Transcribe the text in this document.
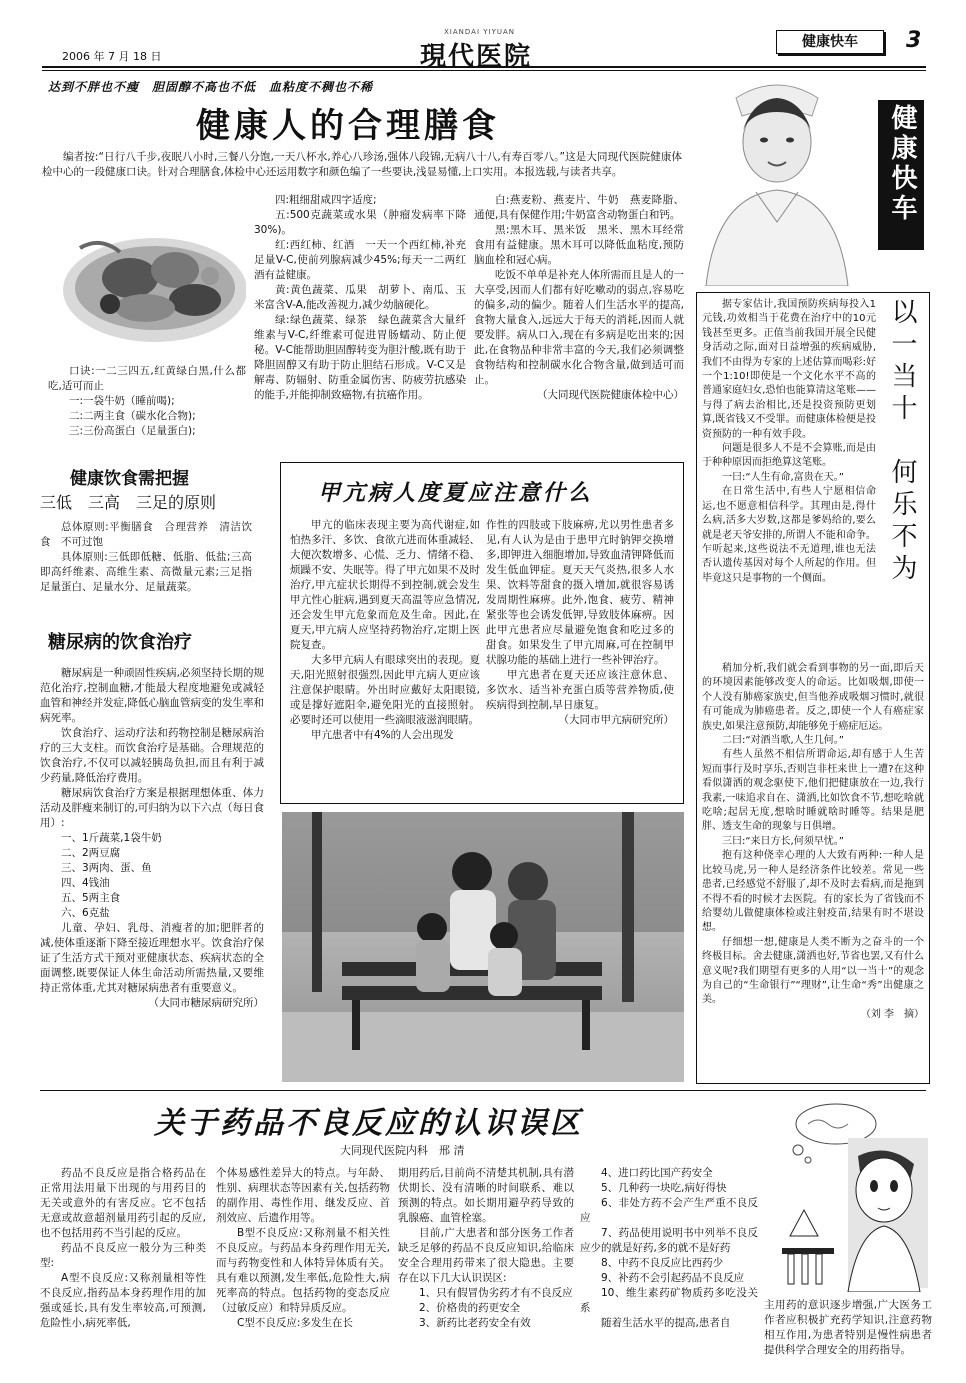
2006 年 7 月 18 日
XIANDAI YIYUAN
現代医院	健康快车	3
达到不胖也不瘦　胆固醇不高也不低　血粘度不稠也不稀
健康人的合理膳食

编者按:“日行八千步,夜眠八小时,三餐八分饱,一天八杯水,养心八珍汤,强体八段锦,无病八十八,有寿百零八。”这是大同现代医院健康体检中心的一段健康口诀。针对合理膳食,体检中心还运用数字和颜色编了一些要诀,浅显易懂,上口实用。本报选载,与读者共享。

口诀:一二三四五,红黄绿白黑,什么都吃,适可而止

一:一袋牛奶（睡前喝);

二:二两主食（碳水化合物);

三:三份高蛋白（足量蛋白);

四:粗细甜咸四字适度;

五:500克蔬菜或水果（肿瘤发病率下降30%)。

红:西红柿、红酒　一天一个西红柿,补充足量V-C,使前列腺病减少45%;每天一二两红酒有益健康。

黄:黄色蔬菜、瓜果　胡萝卜、南瓜、玉米富含V-A,能改善视力,减少幼脑硬化。

绿:绿色蔬菜、绿茶　绿色蔬菜含大量纤维素与V-C,纤维素可促进胃肠蠕动、防止便秘。V-C能帮助胆固醇转变为胆汁酸,既有助于降胆固醇又有助于防止胆结石形成。V-C又是解毒、防辐射、防重金属伤害、防疲劳抗感染的能手,并能抑制致癌物,有抗癌作用。

白:燕麦粉、燕麦片、牛奶　燕麦降脂、通便,具有保健作用;牛奶富含动物蛋白和钙。

黑:黑木耳、黑米饭　黑米、黑木耳经常食用有益健康。黑木耳可以降低血粘度,预防脑血栓和冠心病。

吃饭不单单是补充人体所需而且是人的一大享受,因而人们都有好吃嗽动的弱点,容易吃的偏多,动的偏少。随着人们生活水平的提高,食物大量食入,远远大于每天的消耗,因而人就要发胖。病从口入,现在有多病是吃出来的;因此,在食物品种非常丰富的今天,我们必须调整食物结构和控制碳水化合物含量,做到适可而止。

（大同现代医院健康体检中心）

健康饮食需把握
三低　三高　三足的原则

总体原则:平衡膳食　合理营养　清洁饮食　不可过饱

具体原则:三低即低糖、低脂、低盐;三高即高纤维素、高维生素、高微量元素;三足指足量蛋白、足量水分、足量蔬菜。

糖尿病的饮食治疗

糖尿病是一种顽固性疾病,必须坚持长期的规范化治疗,控制血糖,才能最大程度地避免或减轻血管和神经并发症,降低心脑血管病变的发生率和病死率。

饮食治疗、运动疗法和药物控制是糖尿病治疗的三大支柱。而饮食治疗是基础。合理规范的饮食治疗,不仅可以减轻胰岛负担,而且有利于减少药量,降低治疗费用。

糖尿病饮食治疗方案是根据理想体重、体力活动及胖瘦来制订的,可归纳为以下六点（每日食用）:

一、1斤蔬菜,1袋牛奶

二、2两豆腐

三、3两肉、蛋、鱼

四、4钱油

五、5两主食

六、6克盐

儿童、孕妇、乳母、消瘦者的加;肥胖者的减,使体重逐渐下降至接近理想水平。饮食治疗保证了生活方式干预对亚健康状态、疾病状态的全面调整,既要保证人体生命活动所需热量,又要维持正常体重,尤其对糖尿病患者有重要意义。

（大同市糖尿病研究所）

甲亢病人度夏应注意什么

甲亢的临床表现主要为高代谢症,如怕热多汗、多饮、食欲亢进而体重减轻、大便次数增多、心慌、乏力、情绪不稳、烦躁不安、失眠等。得了甲亢如果不及时治疗,甲亢症状长期得不到控制,就会发生甲亢性心脏病,遇到夏天高温等应急情况,还会发生甲亢危象而危及生命。因此,在夏天,甲亢病人应坚持药物治疗,定期上医院复查。

大多甲亢病人有眼球突出的表现。夏天,阳光照射很强烈,因此甲亢病人更应该注意保护眼睛。外出时应戴好太阳眼镜,或是撑好遮阳伞,避免阳光的直接照射。必要时还可以使用一些滴眼液滋润眼睛。

甲亢患者中有4%的人会出现发

作性的四肢或下肢麻痹,尤以男性患者多见,有人认为是由于患甲亢时钠钾交换增多,即钾进入细胞增加,导致血清钾降低而发生低血钾症。夏天天气炎热,很多人水果、饮料等甜食的摄入增加,就很容易诱发周期性麻痹。此外,饱食、疲劳、精神紧张等也会诱发低钾,导致肢体麻痹。因此甲亢患者应尽量避免饱食和吃过多的甜食。如果发生了甲亢周麻,可在控制甲状腺功能的基础上进行一些补钾治疗。

甲亢患者在夏天还应该注意休息、多饮水、适当补充蛋白质等营养物质,使疾病得到控制,早日康复。

（大同市甲亢病研究所）

健康快车
以一当十　何乐不为

据专家估计,我国预防疾病每投入1元钱,功效相当于花费在治疗中的10元钱甚至更多。正值当前我国开展全民健身活动之际,面对日益增强的疾病威胁,我们不由得为专家的上述估算而喝彩:好一个1:10!即使是一个文化水平不高的普通家庭妇女,恐怕也能算清这笔账——与得了病去治相比,还是投资预防更划算,既省钱又不受罪。而健康体检便是投资预防的一种有效手段。

问题是很多人不是不会算账,而是由于种种原因而拒绝算这笔账。

一曰:“人生有命,富贵在天。”

在日常生活中,有些人宁愿相信命运,也不愿意相信科学。其理由是,得什么病,活多大岁数,这都是爹妈给的,要么就是老天爷安排的,所谓人不能和命争。乍听起来,这些说法不无道理,谁也无法否认遗传基因对每个人所起的作用。但毕竟这只是事物的一个侧面。

稍加分析,我们就会看到事物的另一面,即后天的环境因素能够改变人的命运。比如吸烟,即使一个人没有肺癌家族史,但当他养成吸烟习惯时,就很有可能成为肺癌患者。反之,即使一个人有癌症家族史,如果注意预防,却能够免于癌症厄运。

二曰:“对酒当歌,人生几何。”

有些人虽然不相信所谓命运,却有感于人生苦短而事行及时享乐,否则岂非枉来世上一遭?在这种看似潇洒的观念驱使下,他们把健康放在一边,我行我素,一味追求自在、潇洒,比如饮食不节,想吃啥就吃啥;起居无度,想啥时睡就啥时睡等。结果是肥胖、透支生命的现象与日俱增。

三曰:“来日方长,何须早忧。”

抱有这种侥幸心理的人大致有两种:一种人是比较马虎,另一种人是经济条件比较差。常见一些患者,已经感觉不舒服了,却不及时去看病,而是拖到不得不看的时候才去医院。有的家长为了省钱而不给婴幼儿做健康体检或注射疫苗,结果有时不堪设想。

仔细想一想,健康是人类不断为之奋斗的一个终极目标。舍去健康,潇洒也好,节省也罢,又有什么意义呢?我们期望有更多的人用“以一当十”的观念为自己的“生命银行”“理财”,让生命“秀”出健康之美。

（刘 李　摘）

关于药品不良反应的认识误区
大同现代医院内科　邢 清

药品不良反应是指合格药品在正常用法用量下出现的与用药目的无关或意外的有害反应。它不包括无意或故意超剂量用药引起的反应,也不包括用药不当引起的反应。

药品不良反应一般分为三种类型:

A型不良反应:又称剂量相等性不良反应,指药品本身药理作用的加强或延长,具有发生率较高,可预测,危险性小,病死率低,

个体易感性差异大的特点。与年龄、性别、病理状态等因素有关,包括药物的副作用、毒性作用、继发反应、首剂效应、后遗作用等。

B型不良反应:又称剂量不相关性不良反应。与药品本身药理作用无关,而与药物变性和人体特异体质有关。具有难以预测,发生率低,危险性大,病死率高的特点。包括药物的变态反应（过敏反应）和特异质反应。

C型不良反应:多发生在长

期用药后,目前尚不清楚其机制,具有潜伏期长、没有清晰的时间联系、难以预测的特点。如长期用避孕药导致的乳腺癌、血管栓塞。

目前,广大患者和部分医务工作者缺乏足够的药品不良反应知识,给临床安全合理用药带来了很大隐患。主要存在以下几大认识误区:

1、只有假冒伪劣药才有不良反应

2、价格贵的药更安全

3、新药比老药安全有效

4、进口药比国产药安全

5、几种药一块吃,病好得快

6、非处方药不会产生严重不良反应

7、药品使用说明书中列举不良反应少的就是好药,多的就不是好药

8、中药不良反应比西药少

9、补药不会引起药品不良反应

10、维生素药矿物质药多吃没关系

随着生活水平的提高,患者自

主用药的意识逐步增强,广大医务工作者应积极扩充药学知识,注意药物相互作用,为患者特别是慢性病患者提供科学合理安全的用药指导。
